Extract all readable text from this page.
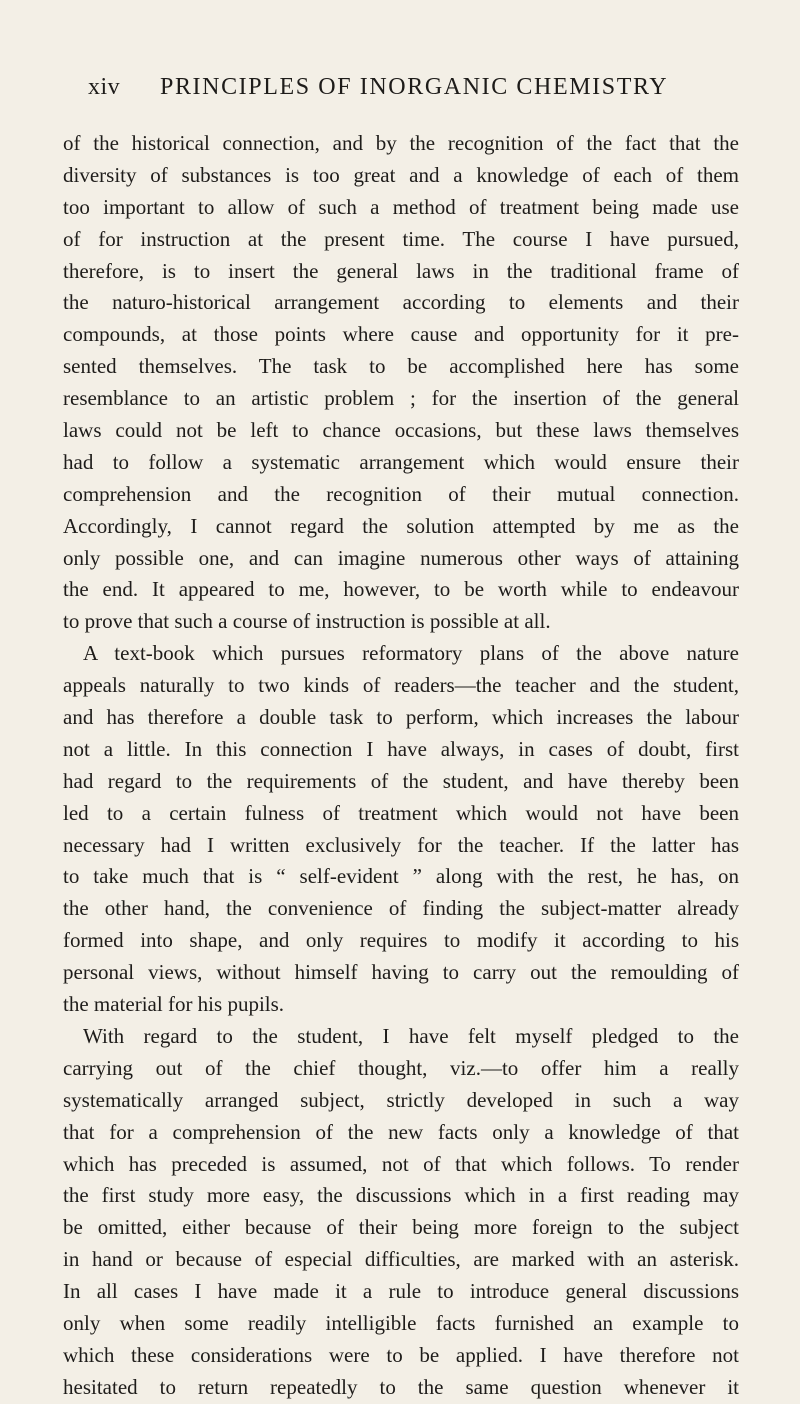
xiv PRINCIPLES OF INORGANIC CHEMISTRY
of the historical connection, and by the recognition of the fact that the
diversity of substances is too great and a knowledge of each of them
too important to allow of such a method of treatment being made use
of for instruction at the present time. The course I have pursued,
therefore, is to insert the general laws in the traditional frame of
the naturo-historical arrangement according to elements and their
compounds, at those points where cause and opportunity for it pre-
sented themselves. The task to be accomplished here has some
resemblance to an artistic problem ; for the insertion of the general
laws could not be left to chance occasions, but these laws themselves
had to follow a systematic arrangement which would ensure their
comprehension and the recognition of their mutual connection.
Accordingly, I cannot regard the solution attempted by me as the
only possible one, and can imagine numerous other ways of attaining
the end. It appeared to me, however, to be worth while to endeavour
to prove that such a course of instruction is possible at all.
A text-book which pursues reformatory plans of the above nature
appeals naturally to two kinds of readers—the teacher and the student,
and has therefore a double task to perform, which increases the labour
not a little. In this connection I have always, in cases of doubt, first
had regard to the requirements of the student, and have thereby been
led to a certain fulness of treatment which would not have been
necessary had I written exclusively for the teacher. If the latter has
to take much that is “ self-evident ” along with the rest, he has, on
the other hand, the convenience of finding the subject-matter already
formed into shape, and only requires to modify it according to his
personal views, without himself having to carry out the remoulding of
the material for his pupils.
With regard to the student, I have felt myself pledged to the
carrying out of the chief thought, viz.—to offer him a really
systematically arranged subject, strictly developed in such a way
that for a comprehension of the new facts only a knowledge of that
which has preceded is assumed, not of that which follows. To render
the first study more easy, the discussions which in a first reading may
be omitted, either because of their being more foreign to the subject
in hand or because of especial difficulties, are marked with an asterisk.
In all cases I have made it a rule to introduce general discussions
only when some readily intelligible facts furnished an example to
which these considerations were to be applied. I have therefore not
hesitated to return repeatedly to the same question whenever it
